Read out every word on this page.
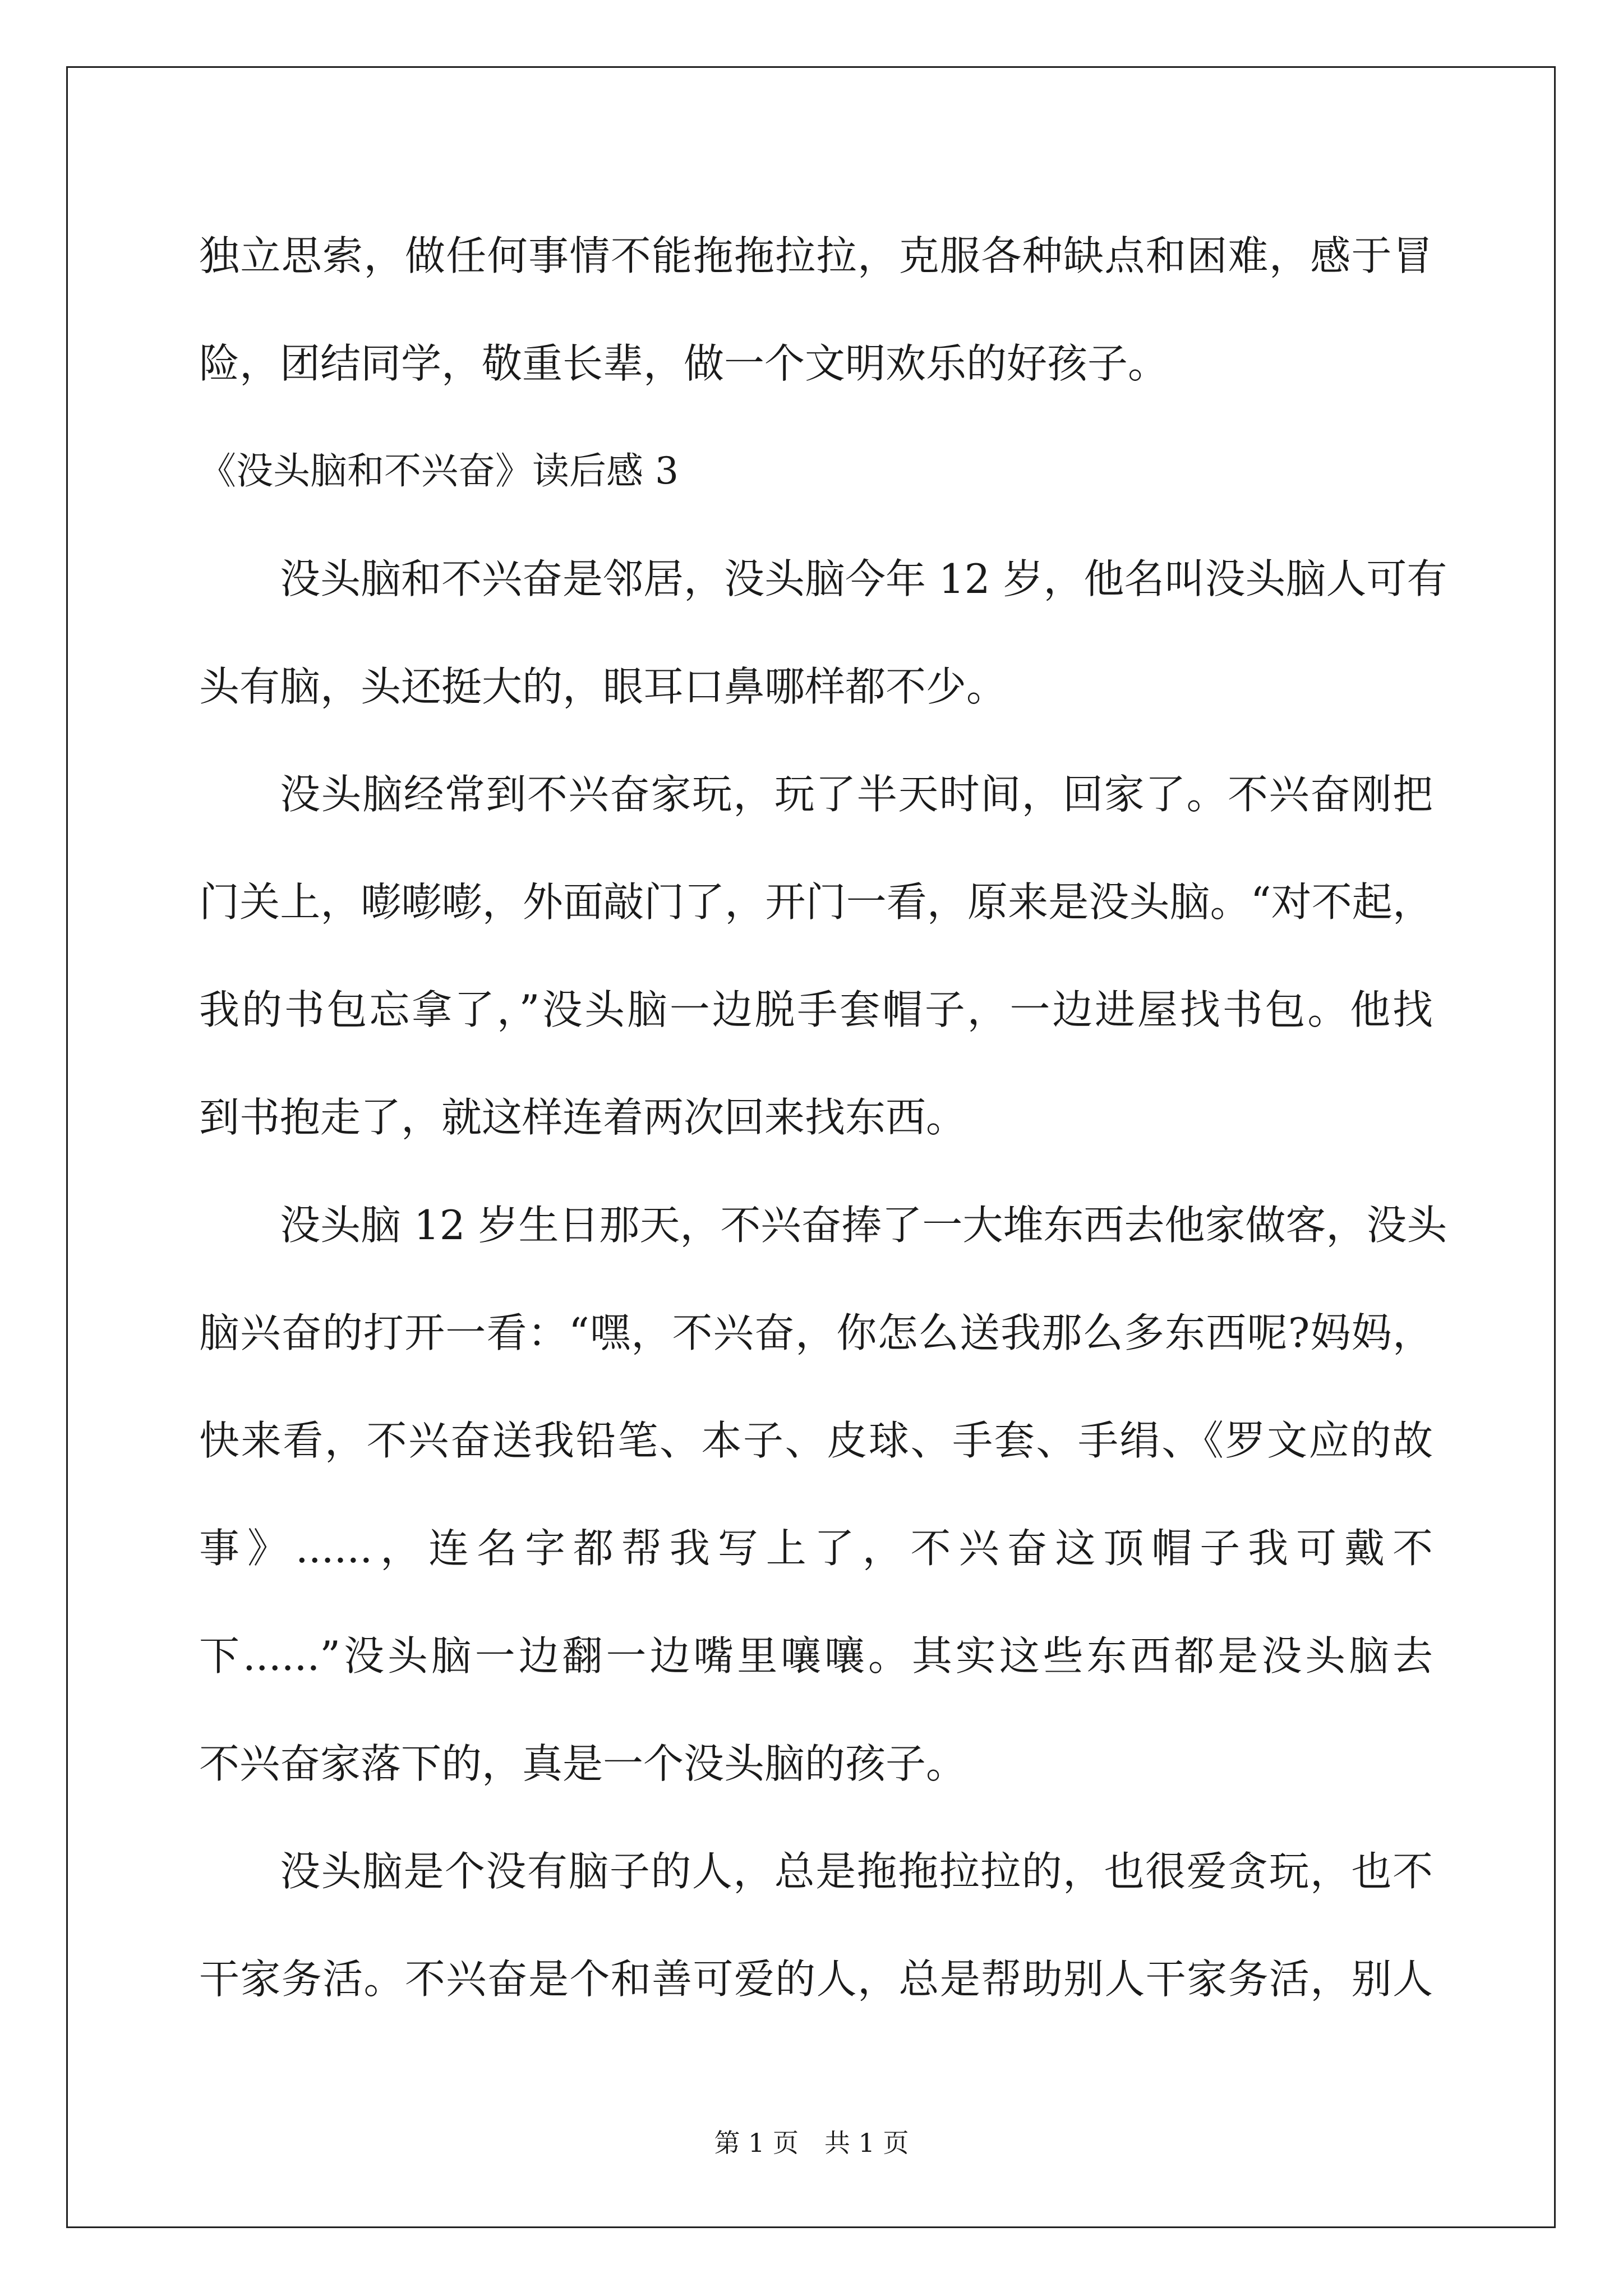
独立思索，做任何事情不能拖拖拉拉，克服各种缺点和困难，感于冒

险，团结同学，敬重长辈，做一个文明欢乐的好孩子。

《没头脑和不兴奋》读后感 3

没头脑和不兴奋是邻居，没头脑今年 12 岁，他名叫没头脑人可有

头有脑，头还挺大的，眼耳口鼻哪样都不少。

没头脑经常到不兴奋家玩，玩了半天时间，回家了。不兴奋刚把

门关上，嘭嘭嘭，外面敲门了，开门一看，原来是没头脑。“对不起，

我的书包忘拿了，”没头脑一边脱手套帽子，一边进屋找书包。他找

到书抱走了，就这样连着两次回来找东西。

没头脑 12 岁生日那天，不兴奋捧了一大堆东西去他家做客，没头

脑兴奋的打开一看：“嘿，不兴奋，你怎么送我那么多东西呢?妈妈，

快来看，不兴奋送我铅笔、本子、皮球、手套、手绢、《罗文应的故

事》......，连名字都帮我写上了，不兴奋这顶帽子我可戴不

下......”没头脑一边翻一边嘴里嚷嚷。其实这些东西都是没头脑去

不兴奋家落下的，真是一个没头脑的孩子。

没头脑是个没有脑子的人，总是拖拖拉拉的，也很爱贪玩，也不

干家务活。不兴奋是个和善可爱的人，总是帮助别人干家务活，别人

第 1 页　共 1 页
